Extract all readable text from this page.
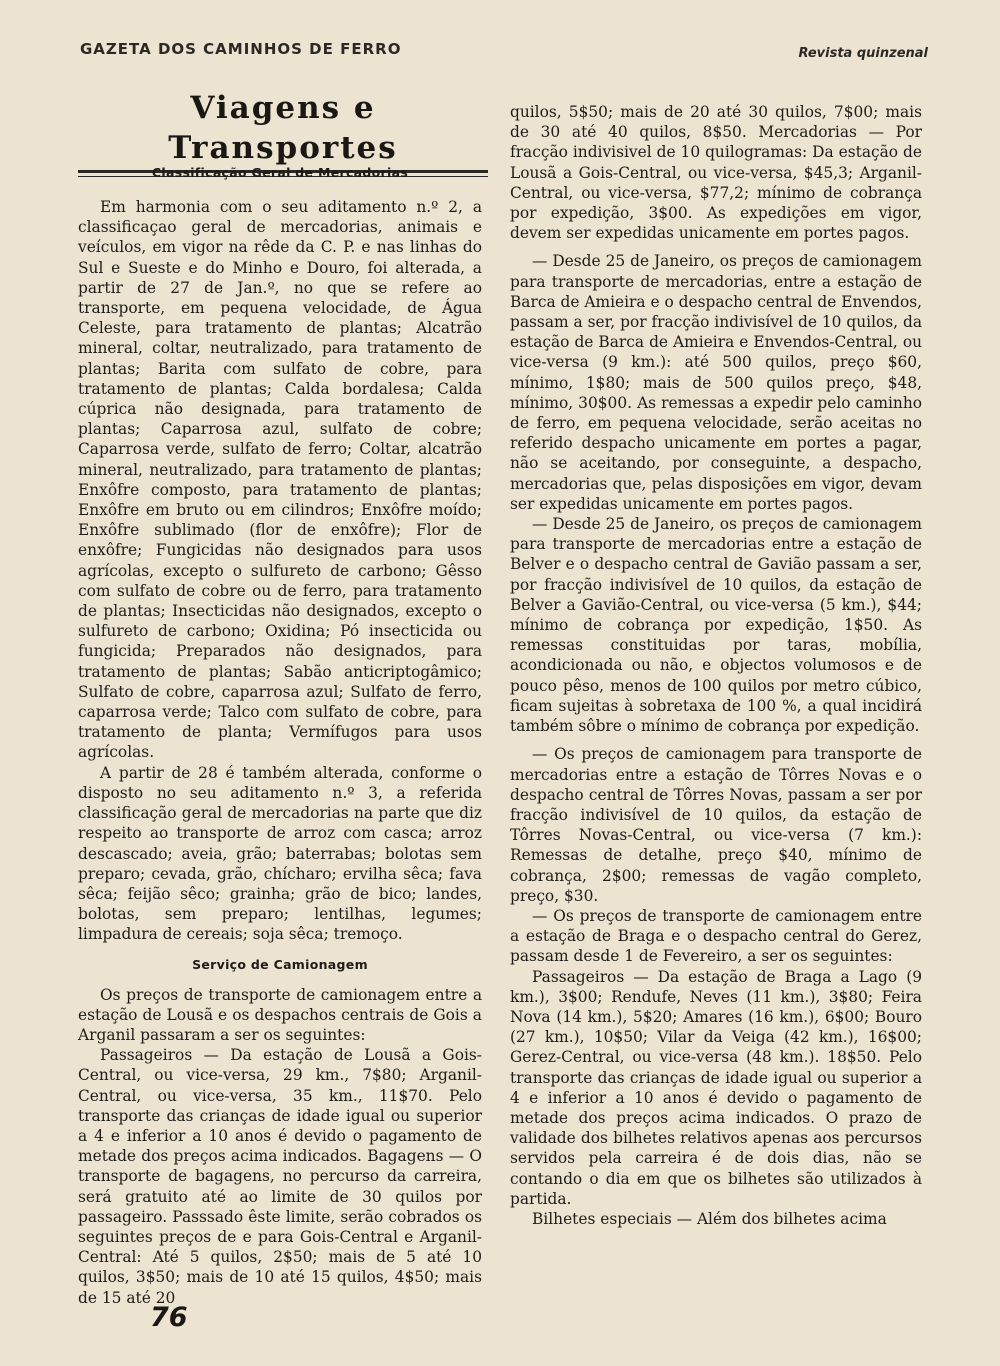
GAZETA DOS CAMINHOS DE FERRO	Revista quinzenal
Viagens e Transportes
Classificação Geral de Mercadorias

Em harmonia com o seu aditamento n.º 2, a classificaçao geral de mercadorias, animais e veículos, em vigor na rêde da C. P. e nas linhas do Sul e Sueste e do Minho e Douro, foi alterada, a partir de 27 de Jan.º, no que se refere ao transporte, em pequena velocidade, de Água Celeste, para tratamento de plantas; Alcatrão mineral, coltar, neutralizado, para tratamento de plantas; Barita com sulfato de cobre, para tratamento de plantas; Calda bordalesa; Calda cúprica não designada, para tratamento de plantas; Caparrosa azul, sulfato de cobre; Caparrosa verde, sulfato de ferro; Coltar, alcatrão mineral, neutralizado, para tratamento de plantas; Enxôfre composto, para tratamento de plantas; Enxôfre em bruto ou em cilindros; Enxôfre moído; Enxôfre sublimado (flor de enxôfre); Flor de enxôfre; Fungicidas não designados para usos agrícolas, excepto o sulfureto de carbono; Gêsso com sulfato de cobre ou de ferro, para tratamento de plantas; Insecticidas não designados, excepto o sulfureto de carbono; Oxidina; Pó insecticida ou fungicida; Preparados não designados, para tratamento de plantas; Sabão anticriptogâmico; Sulfato de cobre, caparrosa azul; Sulfato de ferro, caparrosa verde; Talco com sulfato de cobre, para tratamento de planta; Vermífugos para usos agrícolas.

A partir de 28 é também alterada, conforme o disposto no seu aditamento n.º 3, a referida classificação geral de mercadorias na parte que diz respeito ao transporte de arroz com casca; arroz descascado; aveia, grão; baterrabas; bolotas sem preparo; cevada, grão, chícharo; ervilha sêca; fava sêca; feijão sêco; grainha; grão de bico; landes, bolotas, sem preparo; lentilhas, legumes; limpadura de cereais; soja sêca; tremoço.

Serviço de Camionagem

Os preços de transporte de camionagem entre a estação de Lousã e os despachos centrais de Gois a Arganil passaram a ser os seguintes:

Passageiros — Da estação de Lousã a Gois-Central, ou vice-versa, 29 km., 7$80; Arganil-Central, ou vice-versa, 35 km., 11$70. Pelo transporte das crianças de idade igual ou superior a 4 e inferior a 10 anos é devido o pagamento de metade dos preços acima indicados. Bagagens — O transporte de bagagens, no percurso da carreira, será gratuito até ao limite de 30 quilos por passageiro. Passsado êste limite, serão cobrados os seguintes preços de e para Gois-Central e Arganil-Central: Até 5 quilos, 2$50; mais de 5 até 10 quilos, 3$50; mais de 10 até 15 quilos, 4$50; mais de 15 até 20

quilos, 5$50; mais de 20 até 30 quilos, 7$00; mais de 30 até 40 quilos, 8$50. Mercadorias — Por fracção indivisivel de 10 quilogramas: Da estação de Lousã a Gois-Central, ou vice-versa, $45,3; Arganil-Central, ou vice-versa, $77,2; mínimo de cobrança por expedição, 3$00. As expedições em vigor, devem ser expedidas unicamente em portes pagos.

— Desde 25 de Janeiro, os preços de camionagem para transporte de mercadorias, entre a estação de Barca de Amieira e o despacho central de Envendos, passam a ser, por fracção indivisível de 10 quilos, da estação de Barca de Amieira e Envendos-Central, ou vice-versa (9 km.): até 500 quilos, preço $60, mínimo, 1$80; mais de 500 quilos preço, $48, mínimo, 30$00. As remessas a expedir pelo caminho de ferro, em pequena velocidade, serão aceitas no referido despacho unicamente em portes a pagar, não se aceitando, por conseguinte, a despacho, mercadorias que, pelas disposições em vigor, devam ser expedidas unicamente em portes pagos.

— Desde 25 de Janeiro, os preços de camionagem para transporte de mercadorias entre a estação de Belver e o despacho central de Gavião passam a ser, por fracção indivisível de 10 quilos, da estação de Belver a Gavião-Central, ou vice-versa (5 km.), $44; mínimo de cobrança por expedição, 1$50. As remessas constituidas por taras, mobília, acondicionada ou não, e objectos volumosos e de pouco pêso, menos de 100 quilos por metro cúbico, ficam sujeitas à sobretaxa de 100 %, a qual incidirá também sôbre o mínimo de cobrança por expedição.

— Os preços de camionagem para transporte de mercadorias entre a estação de Tôrres Novas e o despacho central de Tôrres Novas, passam a ser por fracção indivisível de 10 quilos, da estação de Tôrres Novas-Central, ou vice-versa (7 km.): Remessas de detalhe, preço $40, mínimo de cobrança, 2$00; remessas de vagão completo, preço, $30.

— Os preços de transporte de camionagem entre a estação de Braga e o despacho central do Gerez, passam desde 1 de Fevereiro, a ser os seguintes:

Passageiros — Da estação de Braga a Lago (9 km.), 3$00; Rendufe, Neves (11 km.), 3$80; Feira Nova (14 km.), 5$20; Amares (16 km.), 6$00; Bouro (27 km.), 10$50; Vilar da Veiga (42 km.), 16$00; Gerez-Central, ou vice-versa (48 km.). 18$50. Pelo transporte das crianças de idade igual ou superior a 4 e inferior a 10 anos é devido o pagamento de metade dos preços acima indicados. O prazo de validade dos bilhetes relativos apenas aos percursos servidos pela carreira é de dois dias, não se contando o dia em que os bilhetes são utilizados à partida.

Bilhetes especiais — Além dos bilhetes acima

76
